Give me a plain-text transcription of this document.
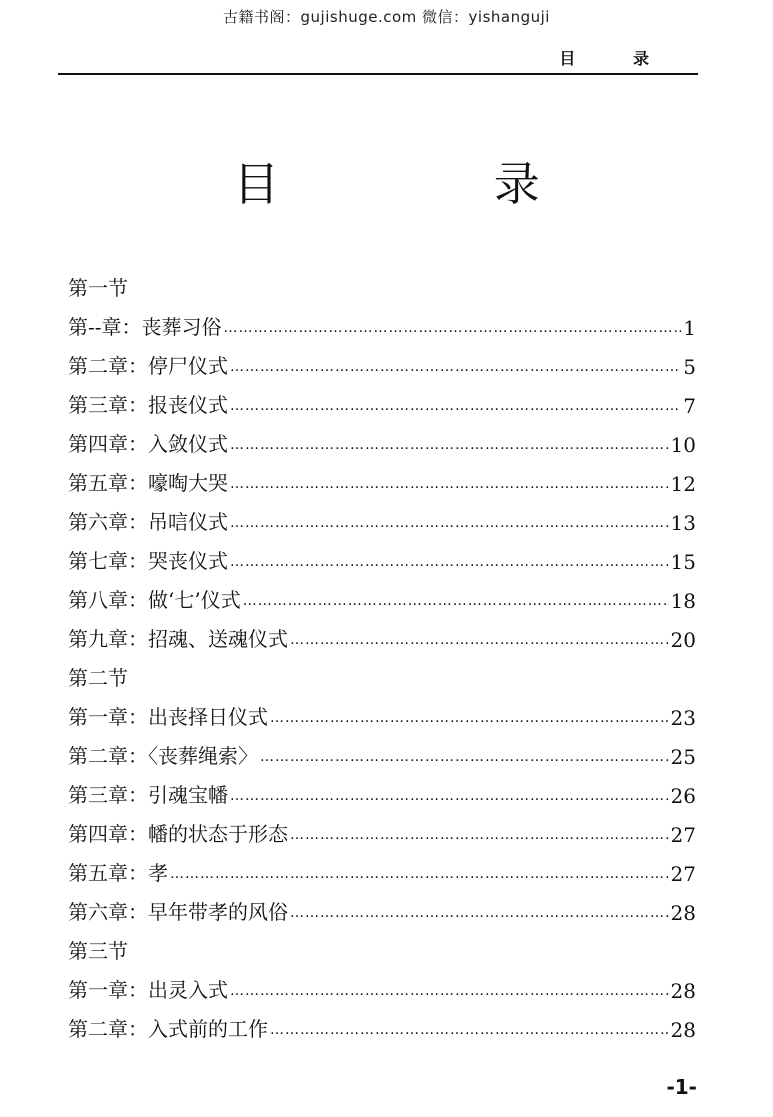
古籍书阁：gujishuge.com 微信：yishanguji
目 录
目 录
第一节
第--章：丧葬习俗 …………………………………………………………………………………………………………………………………………	1
第二章：停尸仪式 …………………………………………………………………………………………………………………………………………	5
第三章：报丧仪式 …………………………………………………………………………………………………………………………………………	7
第四章：入敛仪式 …………………………………………………………………………………………………………………………………………	10
第五章：嚎啕大哭 …………………………………………………………………………………………………………………………………………	12
第六章：吊唁仪式 …………………………………………………………………………………………………………………………………………	13
第七章：哭丧仪式 …………………………………………………………………………………………………………………………………………	15
第八章：做‘七’仪式 …………………………………………………………………………………………………………………………………………	18
第九章：招魂、送魂仪式 …………………………………………………………………………………………………………………………………………	20
第二节
第一章：出丧择日仪式 …………………………………………………………………………………………………………………………………………	23
第二章：〈丧葬绳索〉 …………………………………………………………………………………………………………………………………………	25
第三章：引魂宝幡 …………………………………………………………………………………………………………………………………………	26
第四章：幡的状态于形态 …………………………………………………………………………………………………………………………………………	27
第五章：孝 …………………………………………………………………………………………………………………………………………	27
第六章：早年带孝的风俗 …………………………………………………………………………………………………………………………………………	28
第三节
第一章：出灵入式 …………………………………………………………………………………………………………………………………………	28
第二章：入式前的工作 …………………………………………………………………………………………………………………………………………	28
-1-
